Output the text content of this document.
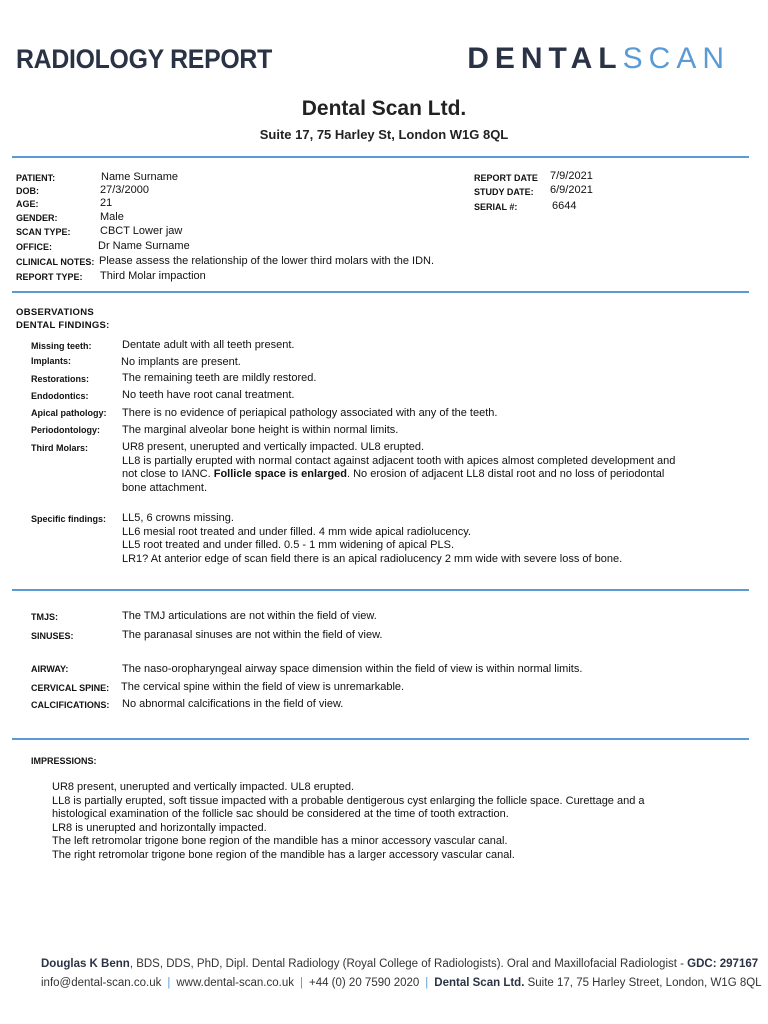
RADIOLOGY REPORT	DENTALSCAN
Dental Scan Ltd.
Suite 17, 75 Harley St, London W1G 8QL
PATIENT:	Name Surname
DOB:	27/3/2000
AGE:	21
GENDER:	Male
SCAN TYPE:	CBCT Lower jaw
OFFICE:	Dr Name Surname
CLINICAL NOTES: Please assess the relationship of the lower third molars with the IDN.
REPORT TYPE: Third Molar impaction
REPORT DATE 7/9/2021
STUDY DATE: 6/9/2021
SERIAL #:	6644
OBSERVATIONS
DENTAL FINDINGS:
Missing teeth:	Dentate adult with all teeth present.
Implants:	No implants are present.
Restorations:	The remaining teeth are mildly restored.
Endodontics:	No teeth have root canal treatment.
Apical pathology: There is no evidence of periapical pathology associated with any of the teeth.
Periodontology: The marginal alveolar bone height is within normal limits.
Third Molars:	UR8 present, unerupted and vertically impacted. UL8 erupted.
LL8 is partially erupted with normal contact against adjacent tooth with apices almost completed development and
not close to IANC. Follicle space is enlarged. No erosion of adjacent LL8 distal root and no loss of periodontal
bone attachment.
Specific findings: LL5, 6 crowns missing.
LL6 mesial root treated and under filled. 4 mm wide apical radiolucency.
LL5 root treated and under filled. 0.5 - 1 mm widening of apical PLS.
LR1? At anterior edge of scan field there is an apical radiolucency 2 mm wide with severe loss of bone.
TMJS:	The TMJ articulations are not within the field of view.
SINUSES:	The paranasal sinuses are not within the field of view.
AIRWAY:	The naso-oropharyngeal airway space dimension within the field of view is within normal limits.
CERVICAL SPINE: The cervical spine within the field of view is unremarkable.
CALCIFICATIONS: No abnormal calcifications in the field of view.
IMPRESSIONS:
UR8 present, unerupted and vertically impacted. UL8 erupted.
LL8 is partially erupted, soft tissue impacted with a probable dentigerous cyst enlarging the follicle space. Curettage and a
histological examination of the follicle sac should be considered at the time of tooth extraction.
LR8 is unerupted and horizontally impacted.
The left retromolar trigone bone region of the mandible has a minor accessory vascular canal.
The right retromolar trigone bone region of the mandible has a larger accessory vascular canal.
Douglas K Benn, BDS, DDS, PhD, Dipl. Dental Radiology (Royal College of Radiologists). Oral and Maxillofacial Radiologist - GDC: 297167
info@dental-scan.co.uk | www.dental-scan.co.uk | +44 (0) 20 7590 2020 | Dental Scan Ltd. Suite 17, 75 Harley Street, London, W1G 8QL
